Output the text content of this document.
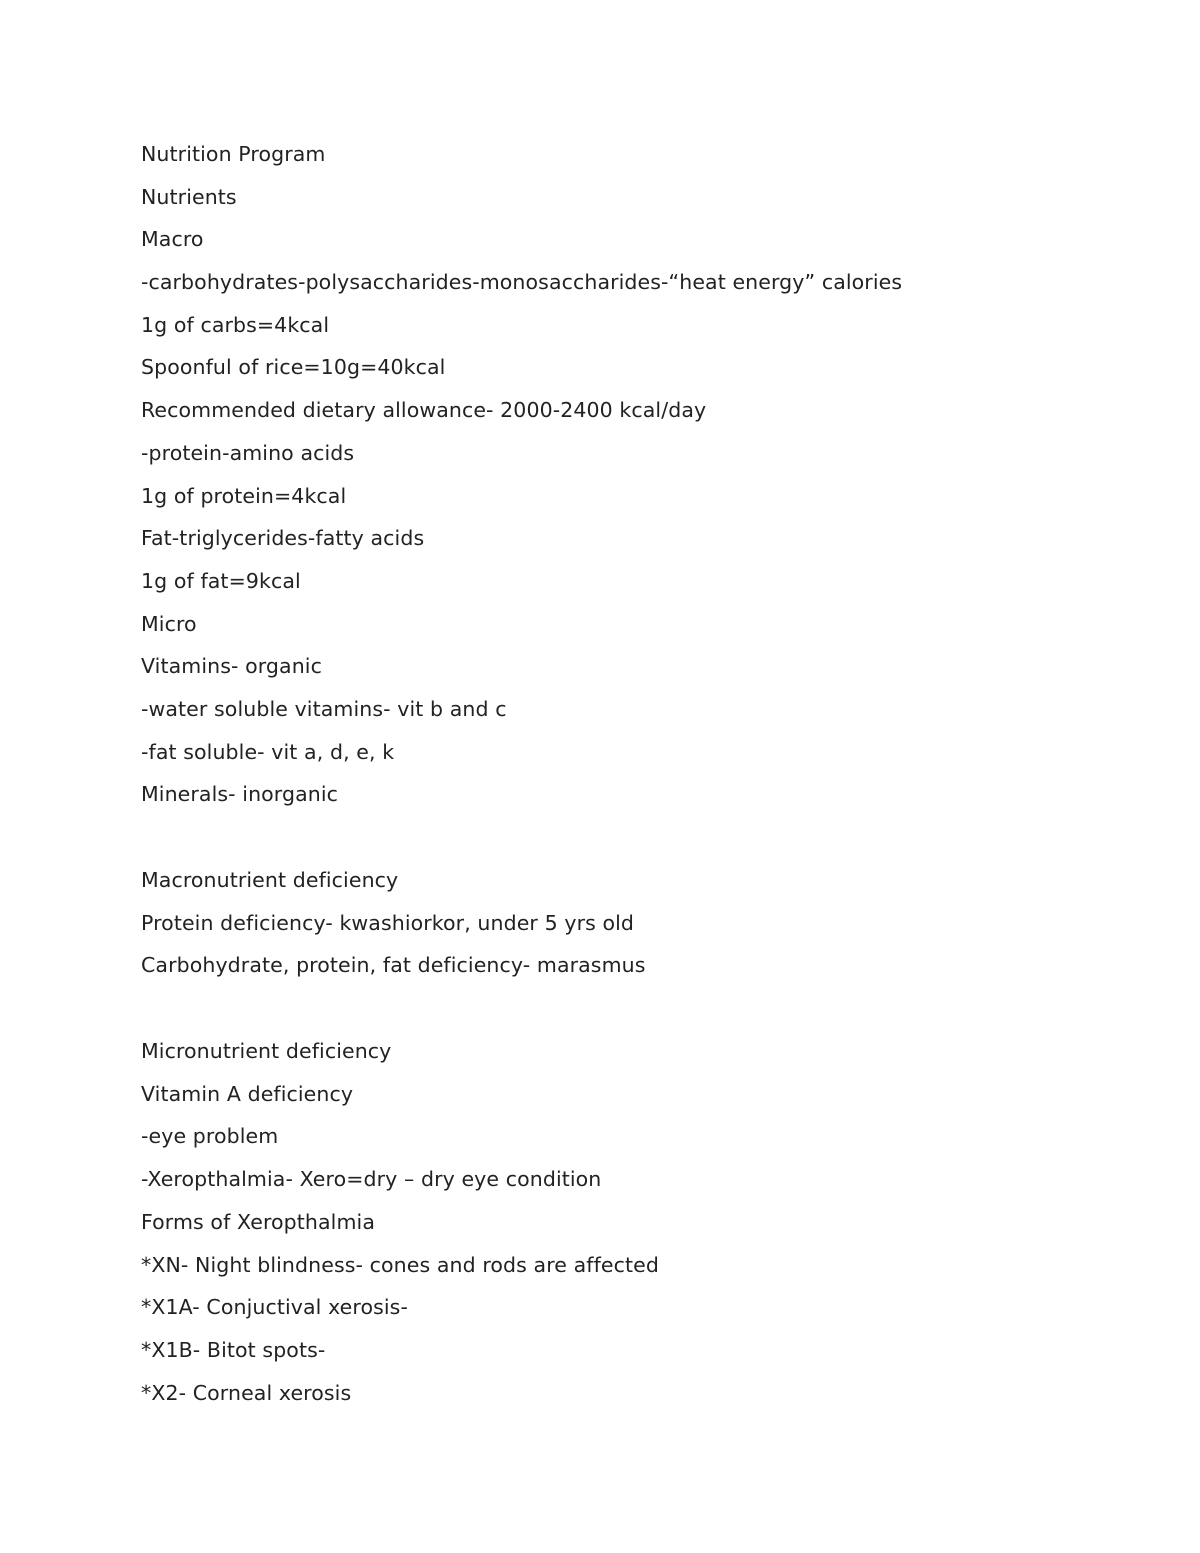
Nutrition Program
Nutrients
Macro
-carbohydrates-polysaccharides-monosaccharides-“heat energy” calories
1g of carbs=4kcal
Spoonful of rice=10g=40kcal
Recommended dietary allowance- 2000-2400 kcal/day
-protein-amino acids
1g of protein=4kcal
Fat-triglycerides-fatty acids
1g of fat=9kcal
Micro
Vitamins- organic
-water soluble vitamins- vit b and c
-fat soluble- vit a, d, e, k
Minerals- inorganic
Macronutrient deficiency
Protein deficiency- kwashiorkor, under 5 yrs old
Carbohydrate, protein, fat deficiency- marasmus
Micronutrient deficiency
Vitamin A deficiency
-eye problem
-Xeropthalmia- Xero=dry – dry eye condition
Forms of Xeropthalmia
*XN- Night blindness- cones and rods are affected
*X1A- Conjuctival xerosis-
*X1B- Bitot spots-
*X2- Corneal xerosis
